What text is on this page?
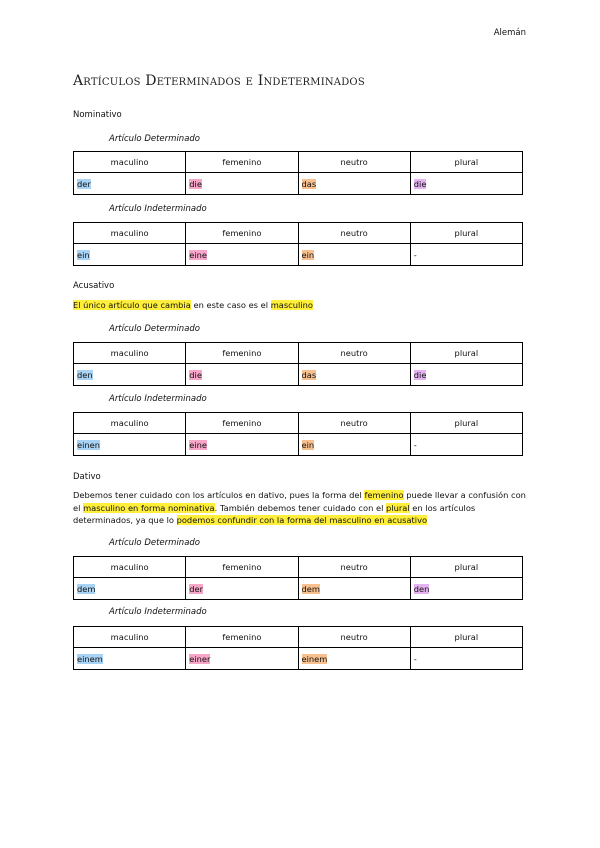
Alemán
Artículos Determinados e Indeterminados
Nominativo
Artículo Determinado
maculino	femenino	neutro	plural
der	die	das	die
Artículo Indeterminado
maculino	femenino	neutro	plural
ein	eine	ein	-
Acusativo
El único artículo que cambia en este caso es el masculino
Artículo Determinado
maculino	femenino	neutro	plural
den	die	das	die
Artículo Indeterminado
maculino	femenino	neutro	plural
einen	eine	ein	-
Dativo
Debemos tener cuidado con los artículos en dativo, pues la forma del femenino puede llevar a confusión con el masculino en forma nominativa. También debemos tener cuidado con el plural en los artículos determinados, ya que lo podemos confundir con la forma del masculino en acusativo
Artículo Determinado
maculino	femenino	neutro	plural
dem	der	dem	den
Artículo Indeterminado
maculino	femenino	neutro	plural
einem	einer	einem	-
